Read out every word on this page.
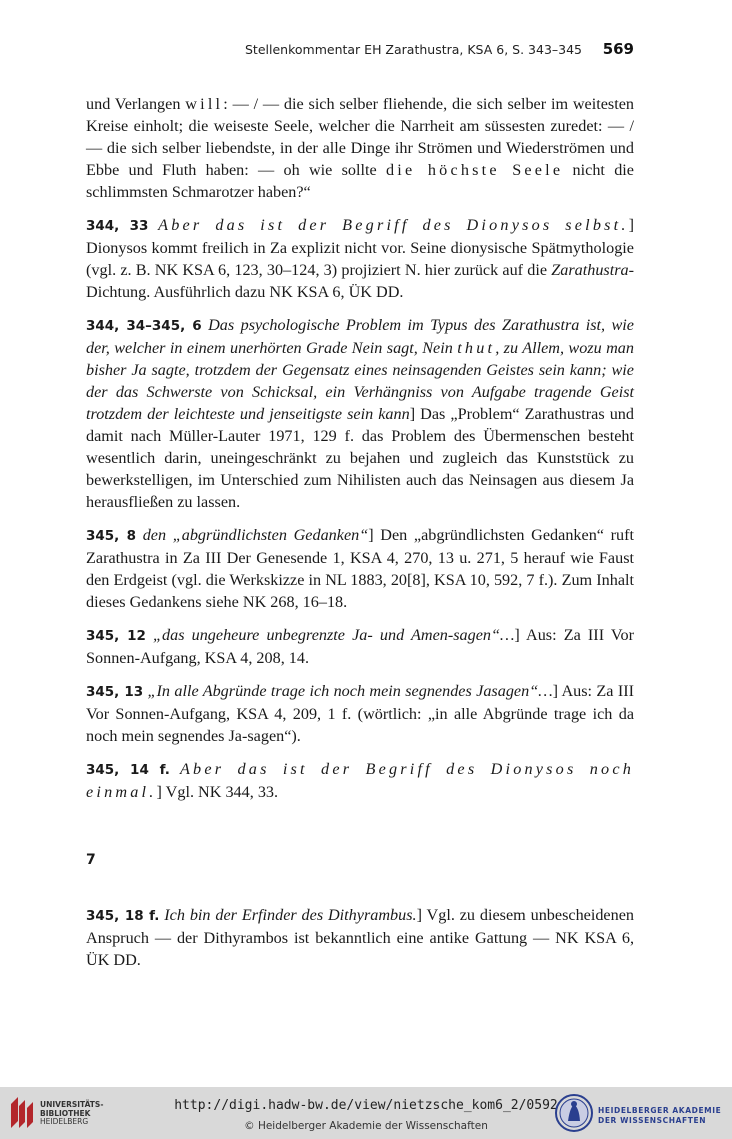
Stellenkommentar EH Zarathustra, KSA 6, S. 343–345	569

und Verlangen will: — / — die sich selber fliehende, die sich selber im weitesten Kreise einholt; die weiseste Seele, welcher die Narrheit am süssesten zuredet: — / — die sich selber liebendste, in der alle Dinge ihr Strömen und Wiederströmen und Ebbe und Fluth haben: — oh wie sollte die höchste Seele nicht die schlimmsten Schmarotzer haben?“

344, 33 Aber das ist der Begriff des Dionysos selbst.] Dionysos kommt freilich in Za explizit nicht vor. Seine dionysische Spätmythologie (vgl. z. B. NK KSA 6, 123, 30–124, 3) projiziert N. hier zurück auf die Zarathustra-Dichtung. Ausführlich dazu NK KSA 6, ÜK DD.

344, 34–345, 6 Das psychologische Problem im Typus des Zarathustra ist, wie der, welcher in einem unerhörten Grade Nein sagt, Nein thut, zu Allem, wozu man bisher Ja sagte, trotzdem der Gegensatz eines neinsagenden Geistes sein kann; wie der das Schwerste von Schicksal, ein Verhängniss von Aufgabe tragende Geist trotzdem der leichteste und jenseitigste sein kann] Das „Problem“ Zarathustras und damit nach Müller-Lauter 1971, 129 f. das Problem des Übermenschen besteht wesentlich darin, uneingeschränkt zu bejahen und zugleich das Kunststück zu bewerkstelligen, im Unterschied zum Nihilisten auch das Neinsagen aus diesem Ja herausfließen zu lassen.

345, 8 den „abgründlichsten Gedanken“] Den „abgründlichsten Gedanken“ ruft Zarathustra in Za III Der Genesende 1, KSA 4, 270, 13 u. 271, 5 herauf wie Faust den Erdgeist (vgl. die Werkskizze in NL 1883, 20[8], KSA 10, 592, 7 f.). Zum Inhalt dieses Gedankens siehe NK 268, 16–18.

345, 12 „das ungeheure unbegrenzte Ja- und Amen-sagen“…] Aus: Za III Vor Sonnen-Aufgang, KSA 4, 208, 14.

345, 13 „In alle Abgründe trage ich noch mein segnendes Jasagen“…] Aus: Za III Vor Sonnen-Aufgang, KSA 4, 209, 1 f. (wörtlich: „in alle Abgründe trage ich da noch mein segnendes Ja-sagen“).

345, 14 f. Aber das ist der Begriff des Dionysos noch einmal.] Vgl. NK 344, 33.

7

345, 18 f. Ich bin der Erfinder des Dithyrambus.] Vgl. zu diesem unbescheidenen Anspruch — der Dithyrambos ist bekanntlich eine antike Gattung — NK KSA 6, ÜK DD.

UNIVERSITÄTS-
BIBLIOTHEK
HEIDELBERG
http://digi.hadw-bw.de/view/nietzsche_kom6_2/0592
© Heidelberger Akademie der Wissenschaften
HEIDELBERGER AKADEMIE
DER WISSENSCHAFTEN
